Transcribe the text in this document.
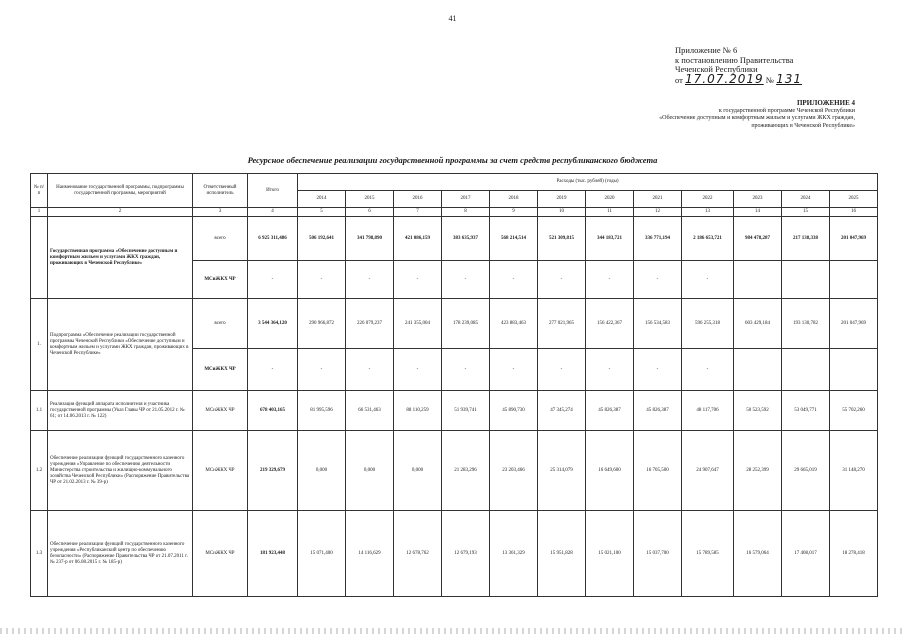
41
Приложение № 6
к постановлению Правительства
Чеченской Республики
от 17.07.2019 № 131
ПРИЛОЖЕНИЕ 4
к государственной программе Чеченской Республики
«Обеспечение доступным и комфортным жильем и услугами ЖКХ граждан,
проживающих в Чеченской Республике»
Ресурсное обеспечение реализации государственной программы за счет средств республиканского бюджета
№ п/п	Наименование государственной программы, подпрограммы государственной программы, мероприятий	Ответственный исполнитель	Итого	Расходы (тыс. рублей) (годы)											
				2014	2015	2016	2017	2018	2019	2020	2021	2022	2023	2024	2025
1	2	3	4	5	6	7	8	9	10	11	12	13	14	15	16
	Государственная программа «Обеспечение доступным и комфортным жильем и услугами ЖКХ граждан, проживающих в Чеченской Республике»	всего	6 925 311,486	506 192,641	341 798,890	421 086,159	383 635,937	568 214,514	521 309,815	344 183,721	336 771,194	2 186 653,721	984 478,287	217 138,338	201 047,969
		МСиЖКХ ЧР	-	-	-	-	-	-	-	-	-	-			
1.	Подпрограмма «Обеспечение реализации государственной программы Чеченской Республики «Обеспечение доступным и комфортным жильем и услугами ЖКХ граждан, проживающих в Чеченской Республике»	всего	3 544 364,120	290 966,872	226 079,237	241 355,004	178 239,085	423 883,463	277 021,965	156 422,367	156 534,583	596 255,318	603 429,184	193 130,782	201 047,969
		МСиЖКХ ЧР	-	-	-	-	-	-	-	-	-	-			
1.1	Реализация функций аппарата исполнителя и участника государственной программы (Указ Главы ЧР от 21.05.2012 г. № 61; от 14.06.2013 г. № 122)	МСиЖКХ ЧР	678 403,165	81 995,596	66 531,463	88 110,259	51 939,741	45 890,730	47 345,274	45 826,387	45 826,387	48 117,706	50 523,592	53 049,771	55 702,260
1.2	Обеспечение реализации функций государственного казенного учреждения «Управление по обеспечению деятельности Министерства строительства и жилищно-коммунального хозяйства Чеченской Республики» (Распоряжение Правительства ЧР от 21.02.2013 г. № 39-р)	МСиЖКХ ЧР	219 329,679	0,000	0,000	0,000	21 283,296	23 203,466	25 314,079	16 649,600	16 705,500	24 907,647	28 252,399	29 665,019	31 148,270
1.3	Обеспечение реализации функций государственного казенного учреждения «Республиканский центр по обеспечению безопасности» (Распоряжение Правительства ЧР от 21.07.2011 г. № 237-р от 06.08.2015 г. № 185-р)	МСиЖКХ ЧР	181 923,448	15 071,400	14 116,629	12 678,762	12 679,193	13 361,329	15 951,828	15 021,100	15 037,700	15 789,585	16 579,064	17 408,017	18 278,418
